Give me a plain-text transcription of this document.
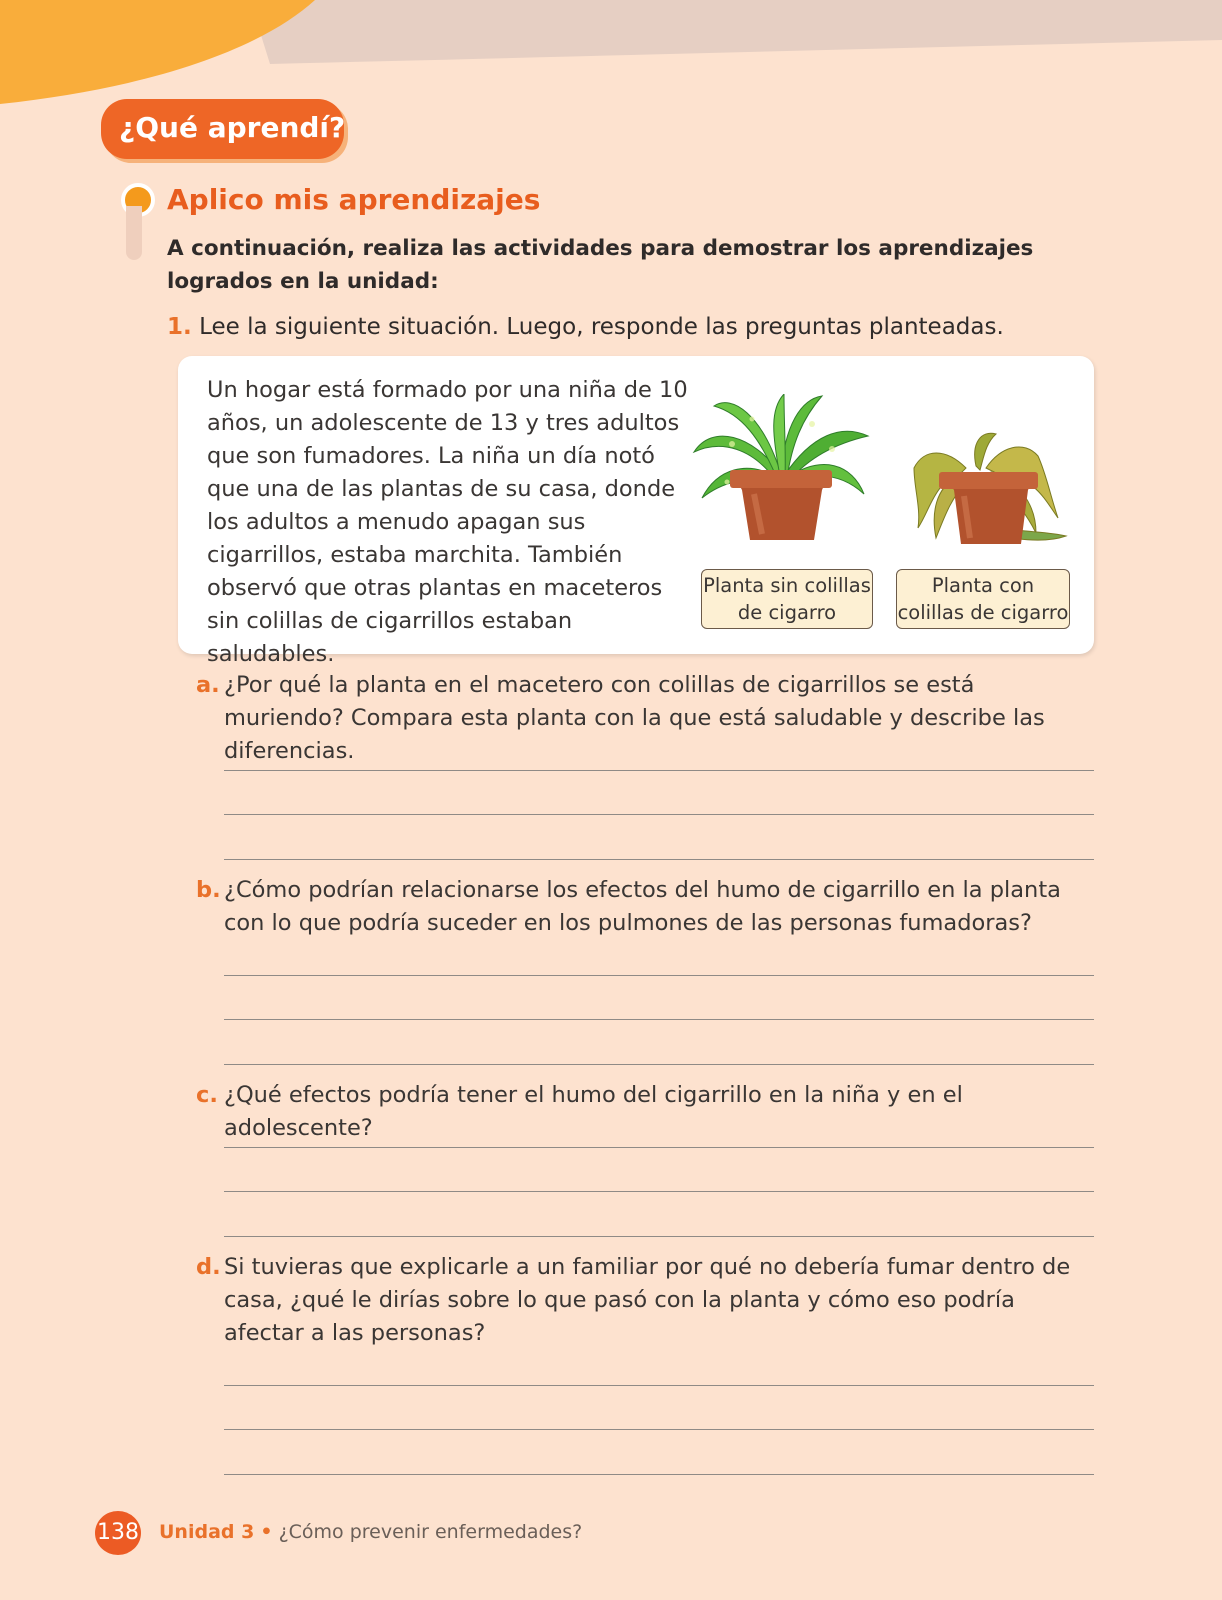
¿Qué aprendí?
Aplico mis aprendizajes
A continuación, realiza las actividades para demostrar los aprendizajes logrados en la unidad:
1. Lee la siguiente situación. Luego, responde las preguntas planteadas.
Un hogar está formado por una niña de 10 años, un adolescente de 13 y tres adultos que son fumadores. La niña un día notó que una de las plantas de su casa, donde los adultos a menudo apagan sus cigarrillos, estaba marchita. También observó que otras plantas en maceteros sin colillas de cigarrillos estaban saludables.
Planta sin colillas de cigarro
Planta con colillas de cigarro
a. ¿Por qué la planta en el macetero con colillas de cigarrillos se está muriendo? Compara esta planta con la que está saludable y describe las diferencias.
b. ¿Cómo podrían relacionarse los efectos del humo de cigarrillo en la planta con lo que podría suceder en los pulmones de las personas fumadoras?
c. ¿Qué efectos podría tener el humo del cigarrillo en la niña y en el adolescente?
d. Si tuvieras que explicarle a un familiar por qué no debería fumar dentro de casa, ¿qué le dirías sobre lo que pasó con la planta y cómo eso podría afectar a las personas?
138 Unidad 3 • ¿Cómo prevenir enfermedades?
